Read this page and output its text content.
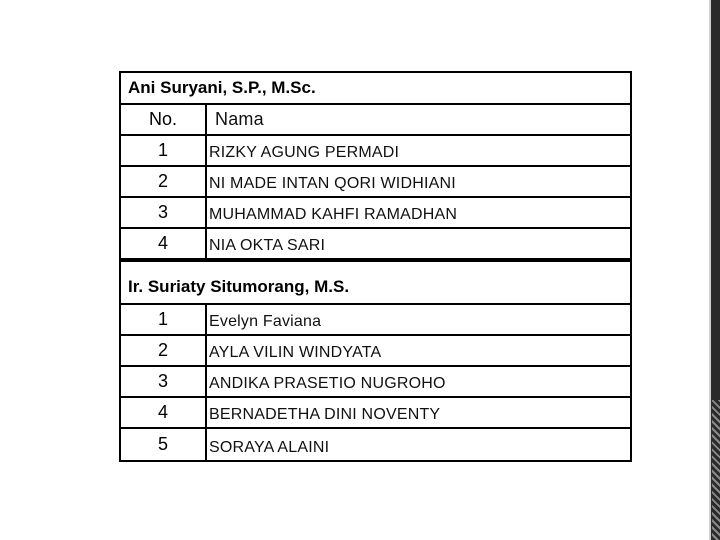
Ani Suryani, S.P., M.Sc.
No. Nama
1	RIZKY AGUNG PERMADI
2	NI MADE INTAN QORI WIDHIANI
3	MUHAMMAD KAHFI RAMADHAN
4	NIA OKTA SARI
Ir. Suriaty Situmorang, M.S.
1	Evelyn Faviana
2	AYLA VILIN WINDYATA
3	ANDIKA PRASETIO NUGROHO
4	BERNADETHA DINI NOVENTY
5	SORAYA ALAINI
